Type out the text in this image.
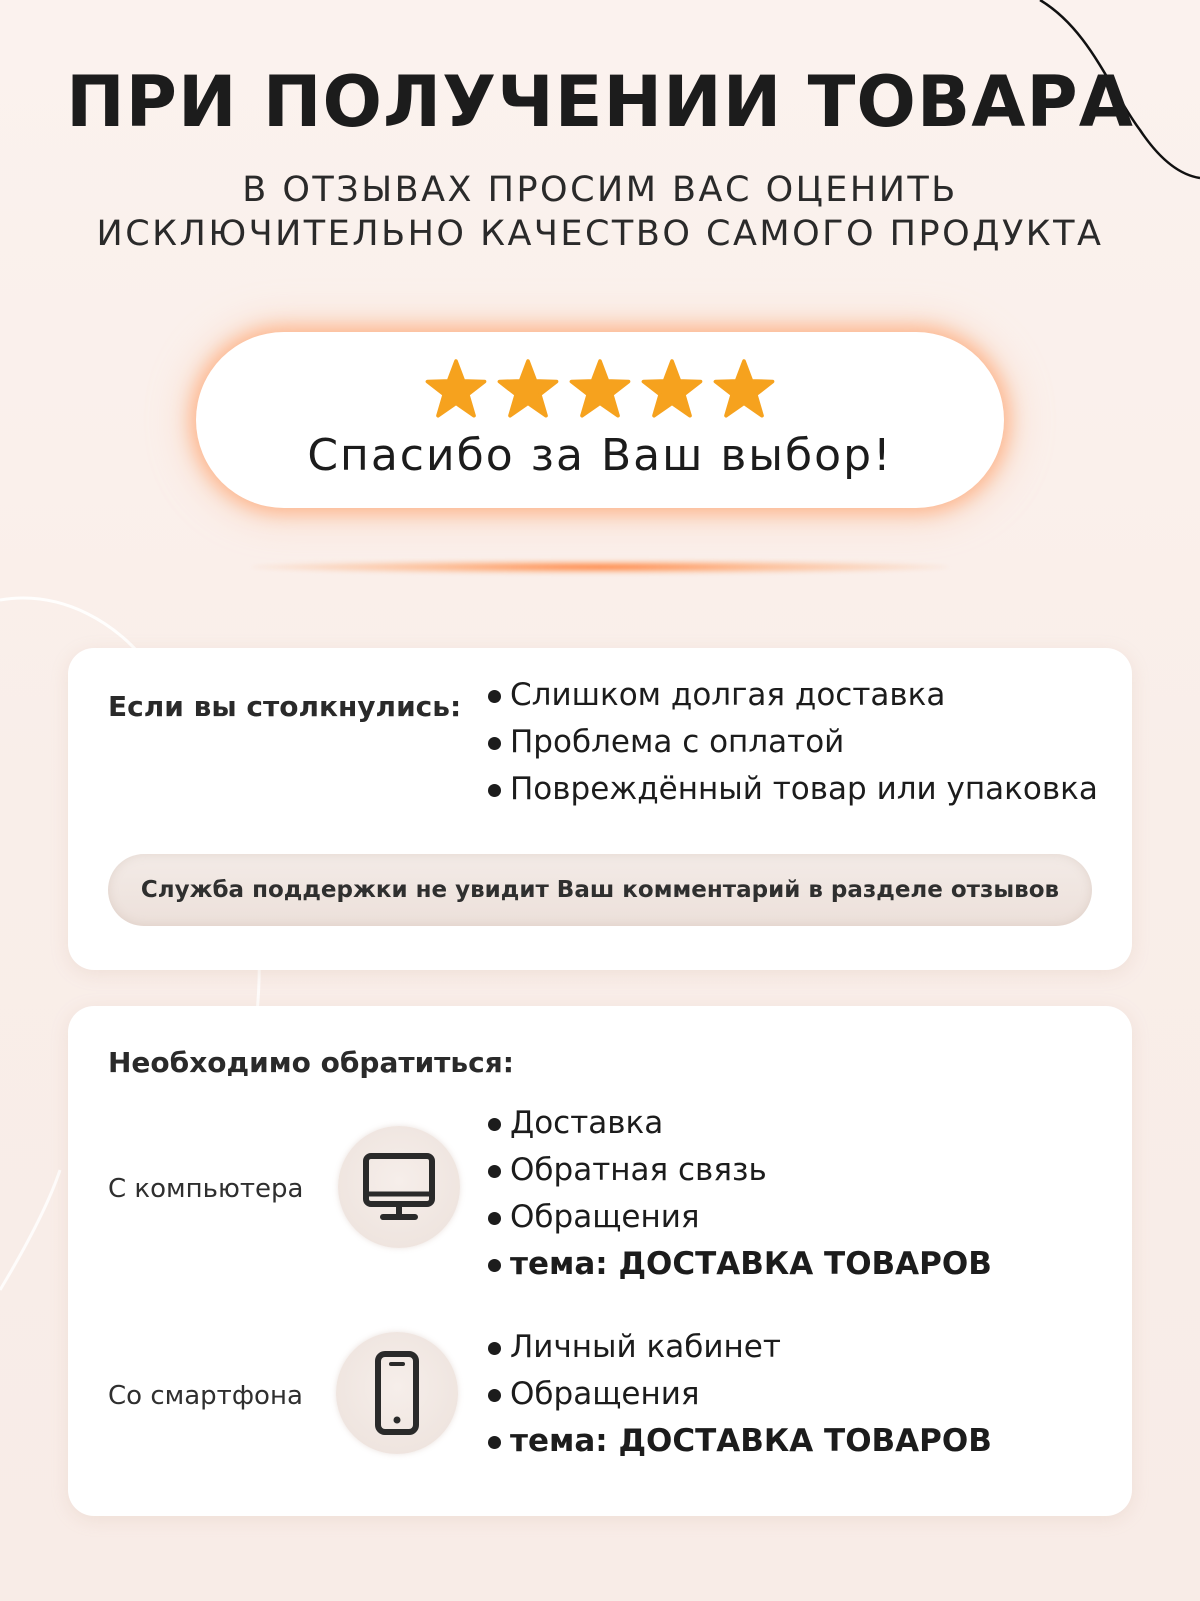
ПРИ ПОЛУЧЕНИИ ТОВАРА
В ОТЗЫВАХ ПРОСИМ ВАС ОЦЕНИТЬ
ИСКЛЮЧИТЕЛЬНО КАЧЕСТВО САМОГО ПРОДУКТА
Спасибо за Ваш выбор!
Если вы столкнулись:	Слишком долгая доставка
Проблема с оплатой
Повреждённый товар или упаковка
Служба поддержки не увидит Ваш комментарий в разделе отзывов
Необходимо обратиться:
С компьютера
Доставка
Обратная связь
Обращения
тема: ДОСТАВКА ТОВАРОВ
Со смартфона
Личный кабинет
Обращения
тема: ДОСТАВКА ТОВАРОВ
